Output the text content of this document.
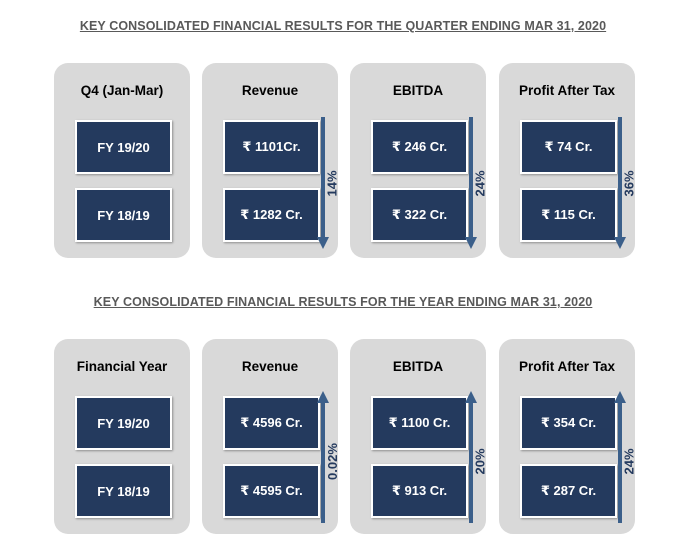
KEY CONSOLIDATED FINANCIAL RESULTS FOR THE QUARTER ENDING MAR 31, 2020
Q4 (Jan-Mar)
FY 19/20
FY 18/19
Revenue
₹ 1101Cr.
₹ 1282 Cr.
14%
EBITDA
₹ 246 Cr.
₹ 322 Cr.
24%
Profit After Tax
₹ 74 Cr.
₹ 115 Cr.
36%
KEY CONSOLIDATED FINANCIAL RESULTS FOR THE YEAR ENDING MAR 31, 2020
Financial Year
FY 19/20
FY 18/19
Revenue
₹ 4596 Cr.
₹ 4595 Cr.
0.02%
EBITDA
₹ 1100 Cr.
₹ 913 Cr.
20%
Profit After Tax
₹ 354 Cr.
₹ 287 Cr.
24%
